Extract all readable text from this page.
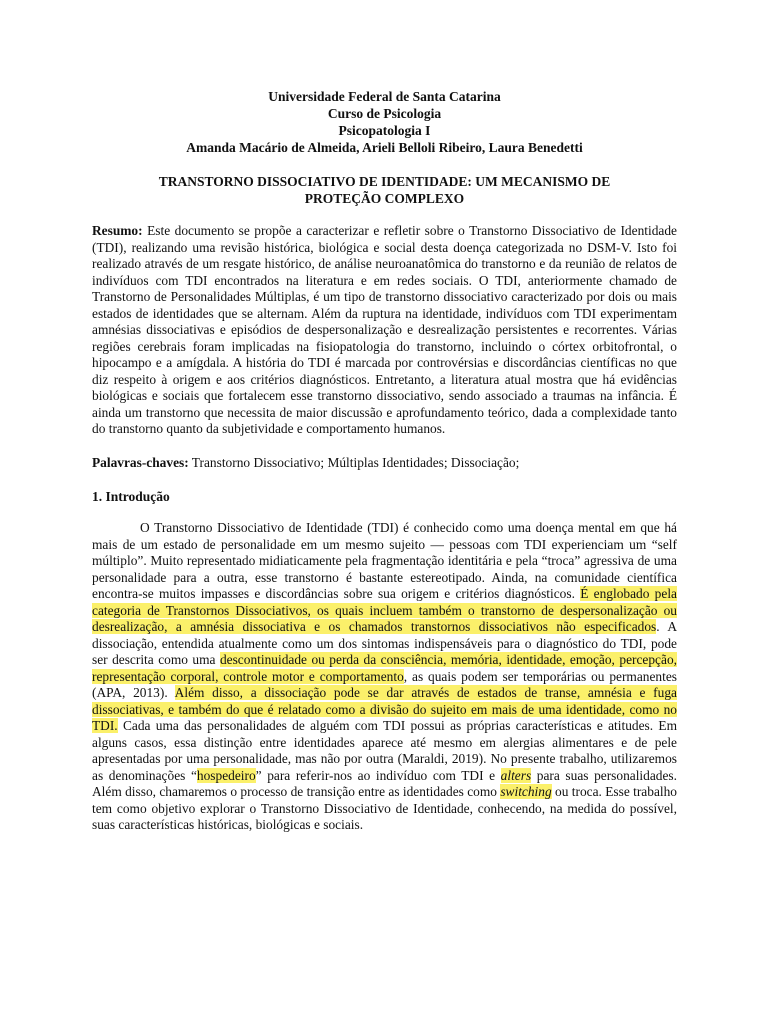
Universidade Federal de Santa Catarina
Curso de Psicologia
Psicopatologia I
Amanda Macário de Almeida, Arieli Belloli Ribeiro, Laura Benedetti
TRANSTORNO DISSOCIATIVO DE IDENTIDADE: UM MECANISMO DE PROTEÇÃO COMPLEXO

Resumo: Este documento se propõe a caracterizar e refletir sobre o Transtorno Dissociativo de Identidade (TDI), realizando uma revisão histórica, biológica e social desta doença categorizada no DSM-V. Isto foi realizado através de um resgate histórico, de análise neuroanatômica do transtorno e da reunião de relatos de indivíduos com TDI encontrados na literatura e em redes sociais. O TDI, anteriormente chamado de Transtorno de Personalidades Múltiplas, é um tipo de transtorno dissociativo caracterizado por dois ou mais estados de identidades que se alternam. Além da ruptura na identidade, indivíduos com TDI experimentam amnésias dissociativas e episódios de despersonalização e desrealização persistentes e recorrentes. Várias regiões cerebrais foram implicadas na fisiopatologia do transtorno, incluindo o córtex orbitofrontal, o hipocampo e a amígdala. A história do TDI é marcada por controvérsias e discordâncias científicas no que diz respeito à origem e aos critérios diagnósticos. Entretanto, a literatura atual mostra que há evidências biológicas e sociais que fortalecem esse transtorno dissociativo, sendo associado a traumas na infância. É ainda um transtorno que necessita de maior discussão e aprofundamento teórico, dada a complexidade tanto do transtorno quanto da subjetividade e comportamento humanos.

Palavras-chaves: Transtorno Dissociativo; Múltiplas Identidades; Dissociação;

1. Introdução

O Transtorno Dissociativo de Identidade (TDI) é conhecido como uma doença mental em que há mais de um estado de personalidade em um mesmo sujeito — pessoas com TDI experienciam um “self múltiplo”. Muito representado midiaticamente pela fragmentação identitária e pela “troca” agressiva de uma personalidade para a outra, esse transtorno é bastante estereotipado. Ainda, na comunidade científica encontra-se muitos impasses e discordâncias sobre sua origem e critérios diagnósticos. É englobado pela categoria de Transtornos Dissociativos, os quais incluem também o transtorno de despersonalização ou desrealização, a amnésia dissociativa e os chamados transtornos dissociativos não especificados. A dissociação, entendida atualmente como um dos sintomas indispensáveis para o diagnóstico do TDI, pode ser descrita como uma descontinuidade ou perda da consciência, memória, identidade, emoção, percepção, representação corporal, controle motor e comportamento, as quais podem ser temporárias ou permanentes (APA, 2013). Além disso, a dissociação pode se dar através de estados de transe, amnésia e fuga dissociativas, e também do que é relatado como a divisão do sujeito em mais de uma identidade, como no TDI. Cada uma das personalidades de alguém com TDI possui as próprias características e atitudes. Em alguns casos, essa distinção entre identidades aparece até mesmo em alergias alimentares e de pele apresentadas por uma personalidade, mas não por outra (Maraldi, 2019). No presente trabalho, utilizaremos as denominações “hospedeiro” para referir-nos ao indivíduo com TDI e alters para suas personalidades. Além disso, chamaremos o processo de transição entre as identidades como switching ou troca. Esse trabalho tem como objetivo explorar o Transtorno Dissociativo de Identidade, conhecendo, na medida do possível, suas características históricas, biológicas e sociais.
